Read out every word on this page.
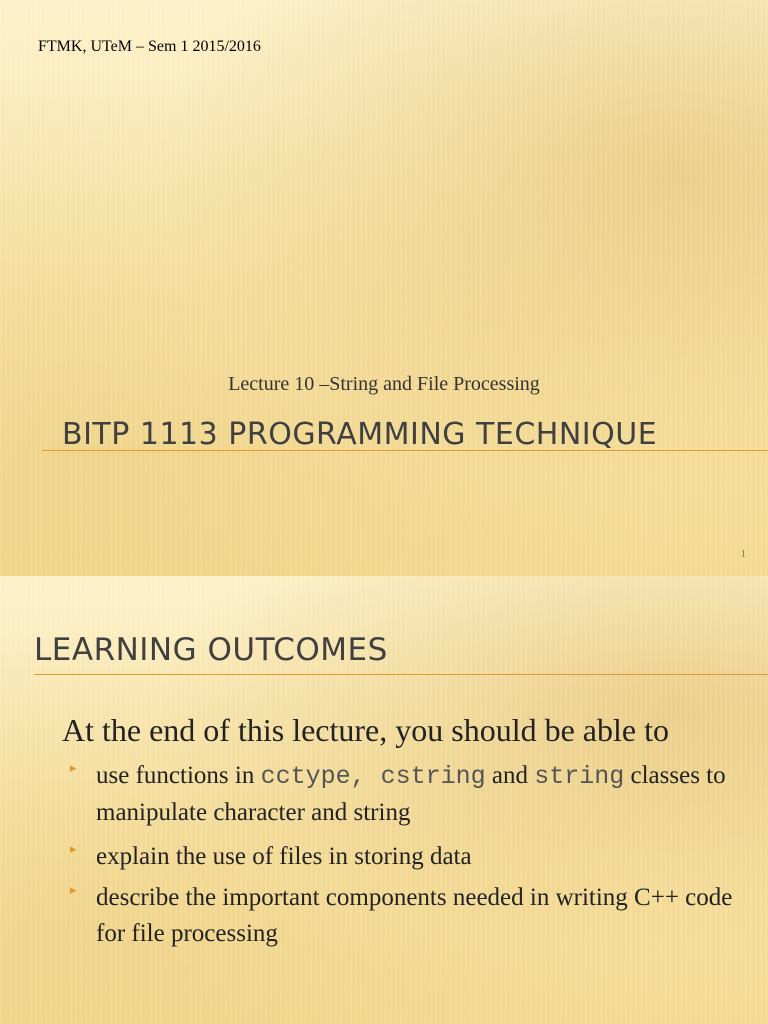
FTMK, UTeM – Sem 1 2015/2016
Lecture 10 –String and File Processing
BITP 1113 PROGRAMMING TECHNIQUE
1
LEARNING OUTCOMES
At the end of this lecture, you should be able to
▸ use functions in cctype, cstring and string classes to manipulate character and string
▸ explain the use of files in storing data
▸ describe the important components needed in writing C++ code for file processing
